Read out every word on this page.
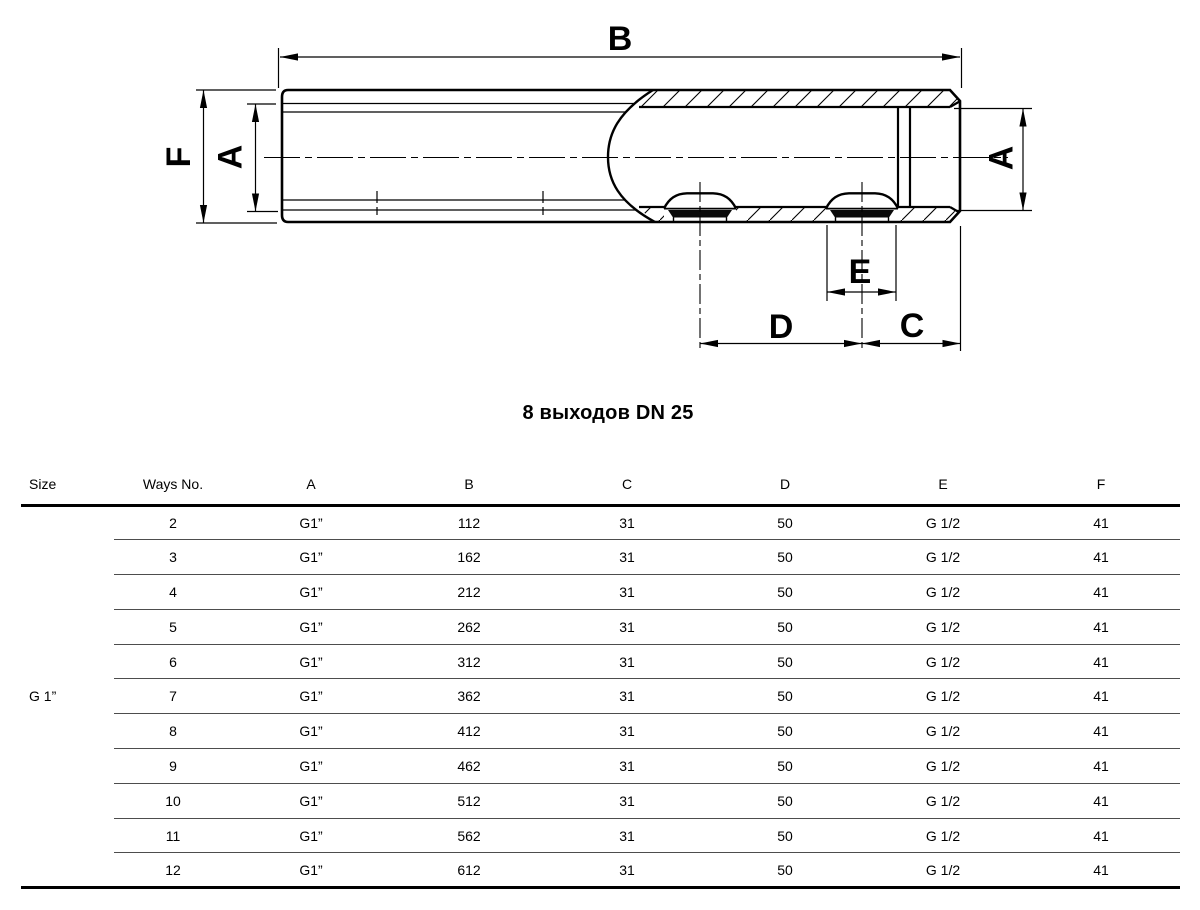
B
F A	A
E
D	C
8 выходов DN 25
Size	Ways No.	A	B	C	D	E	F
G 1”	2	G1”	112	31	50	G 1/2	41
	3	G1”	162	31	50	G 1/2	41
	4	G1”	212	31	50	G 1/2	41
	5	G1”	262	31	50	G 1/2	41
	6	G1”	312	31	50	G 1/2	41
	7	G1”	362	31	50	G 1/2	41
	8	G1”	412	31	50	G 1/2	41
	9	G1”	462	31	50	G 1/2	41
	10	G1”	512	31	50	G 1/2	41
	11	G1”	562	31	50	G 1/2	41
	12	G1”	612	31	50	G 1/2	41
